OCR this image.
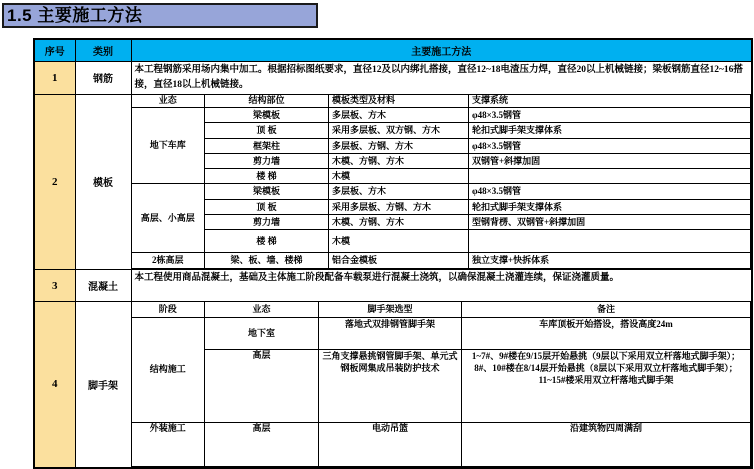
1.5 主要施工方法
序号	类别	主要施工方法
1	钢筋	本工程钢筋采用场内集中加工。根据招标图纸要求，直径12及以内绑扎搭接，直径12~18电渣压力焊，直径20以上机械链接；梁板钢筋直径12~16搭接，直径18以上机械链接。
2	模板	
业态	结构部位	模板类型及材料	支撑系统
地下车库	梁模板	多层板、方木	φ48×3.5钢管
顶 板	采用多层板、双方钢、方木	轮扣式脚手架支撑体系
框架柱	多层板、方钢、方木	φ48×3.5钢管
剪力墙	木模、方钢、方木	双钢管+斜撑加固
楼 梯	木模	
高层、小高层	梁模板	多层板、方木	φ48×3.5钢管
顶 板	采用多层板、方钢、方木	轮扣式脚手架支撑体系
剪力墙	木模、方钢、方木	型钢背楞、双钢管+斜撑加固
楼 梯	木模	
2栋高层	梁、板、墙、楼梯	铝合金模板	独立支撑+快拆体系

3	混凝土	本工程使用商品混凝土，基础及主体施工阶段配备车载泵进行混凝土浇筑，以确保混凝土浇灌连续，保证浇灌质量。
4	脚手架	
阶段	业态	脚手架选型	备注
结构施工	地下室	落地式双排钢管脚手架	车库顶板开始搭设，搭设高度24m
高层	三角支撑悬挑钢管脚手架、单元式钢板网集成吊装防护技术	1~7#、9#楼在9/15层开始悬挑（9层以下采用双立杆落地式脚手架）；8#、10#楼在8/14层开始悬挑（8层以下采用双立杆落地式脚手架）；11~15#楼采用双立杆落地式脚手架
外装施工	高层	电动吊篮	沿建筑物四周满刮
